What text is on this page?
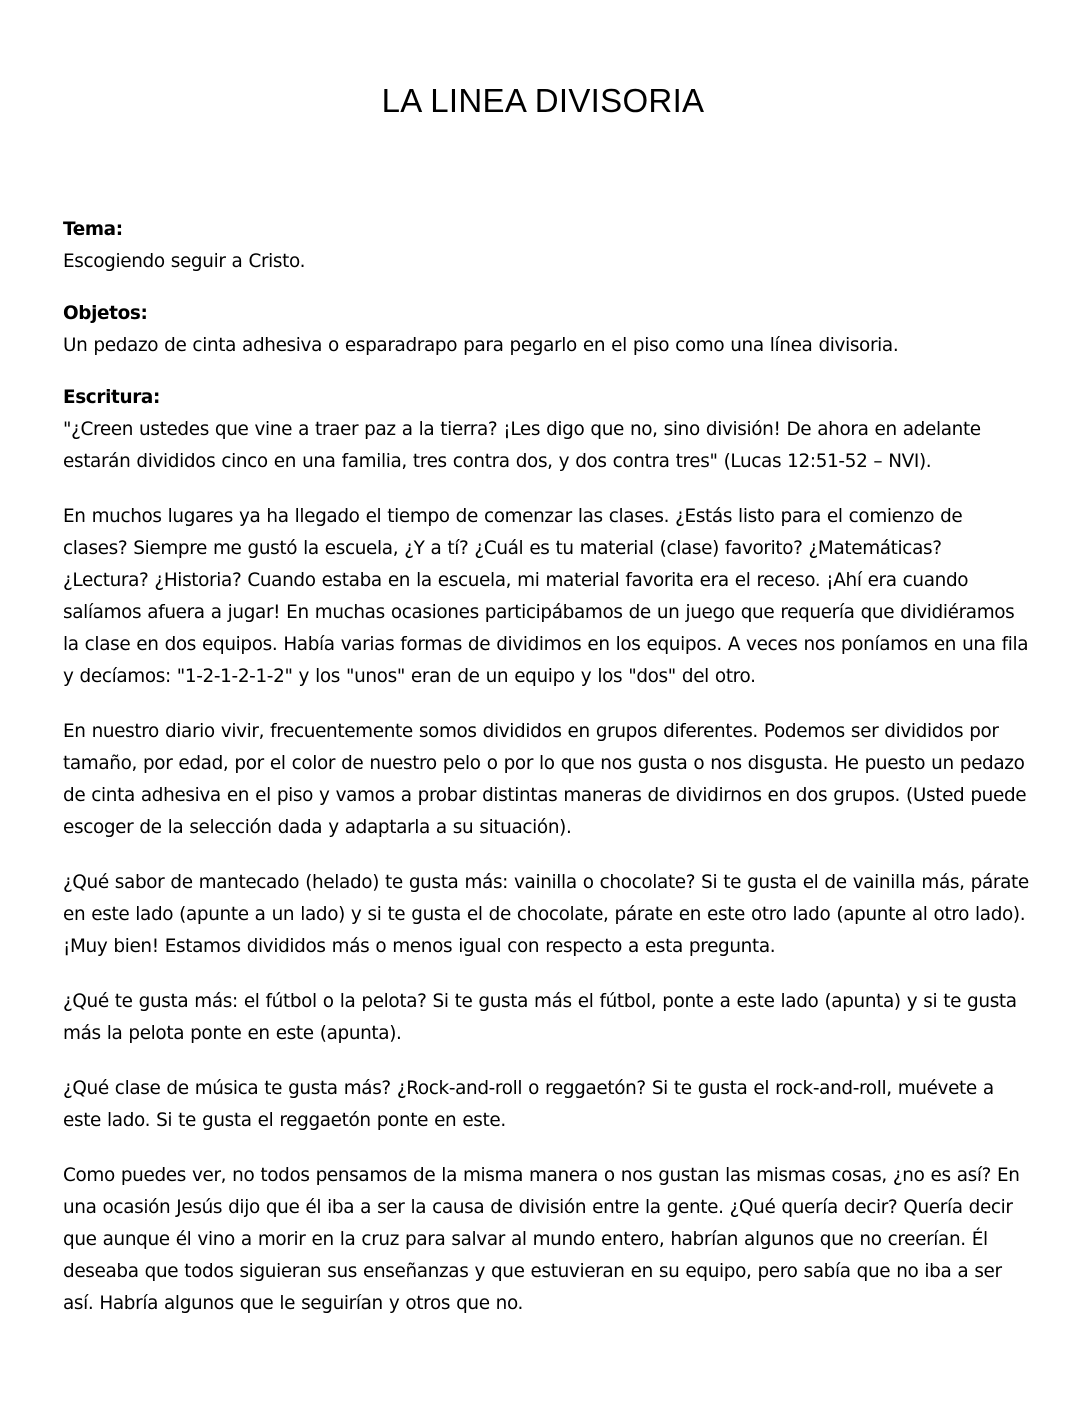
LA LINEA DIVISORIA
Tema:
Escogiendo seguir a Cristo.
Objetos:
Un pedazo de cinta adhesiva o esparadrapo para pegarlo en el piso como una línea divisoria.
Escritura:
"¿Creen ustedes que vine a traer paz a la tierra? ¡Les digo que no, sino división! De ahora en adelante estarán divididos cinco en una familia, tres contra dos, y dos contra tres" (Lucas 12:51-52 – NVI).

En muchos lugares ya ha llegado el tiempo de comenzar las clases. ¿Estás listo para el comienzo de clases? Siempre me gustó la escuela, ¿Y a tí? ¿Cuál es tu material (clase) favorito? ¿Matemáticas? ¿Lectura? ¿Historia? Cuando estaba en la escuela, mi material favorita era el receso. ¡Ahí era cuando salíamos afuera a jugar! En muchas ocasiones participábamos de un juego que requería que dividiéramos la clase en dos equipos. Había varias formas de dividimos en los equipos. A veces nos poníamos en una fila y decíamos: "1-2-1-2-1-2" y los "unos" eran de un equipo y los "dos" del otro.

En nuestro diario vivir, frecuentemente somos divididos en grupos diferentes. Podemos ser divididos por tamaño, por edad, por el color de nuestro pelo o por lo que nos gusta o nos disgusta. He puesto un pedazo de cinta adhesiva en el piso y vamos a probar distintas maneras de dividirnos en dos grupos. (Usted puede escoger de la selección dada y adaptarla a su situación).

¿Qué sabor de mantecado (helado) te gusta más: vainilla o chocolate? Si te gusta el de vainilla más, párate en este lado (apunte a un lado) y si te gusta el de chocolate, párate en este otro lado (apunte al otro lado). ¡Muy bien! Estamos divididos más o menos igual con respecto a esta pregunta.

¿Qué te gusta más: el fútbol o la pelota? Si te gusta más el fútbol, ponte a este lado (apunta) y si te gusta más la pelota ponte en este (apunta).

¿Qué clase de música te gusta más? ¿Rock-and-roll o reggaetón? Si te gusta el rock-and-roll, muévete a este lado. Si te gusta el reggaetón ponte en este.

Como puedes ver, no todos pensamos de la misma manera o nos gustan las mismas cosas, ¿no es así? En una ocasión Jesús dijo que él iba a ser la causa de división entre la gente. ¿Qué quería decir? Quería decir que aunque él vino a morir en la cruz para salvar al mundo entero, habrían algunos que no creerían. Él deseaba que todos siguieran sus enseñanzas y que estuvieran en su equipo, pero sabía que no iba a ser así. Habría algunos que le seguirían y otros que no.
